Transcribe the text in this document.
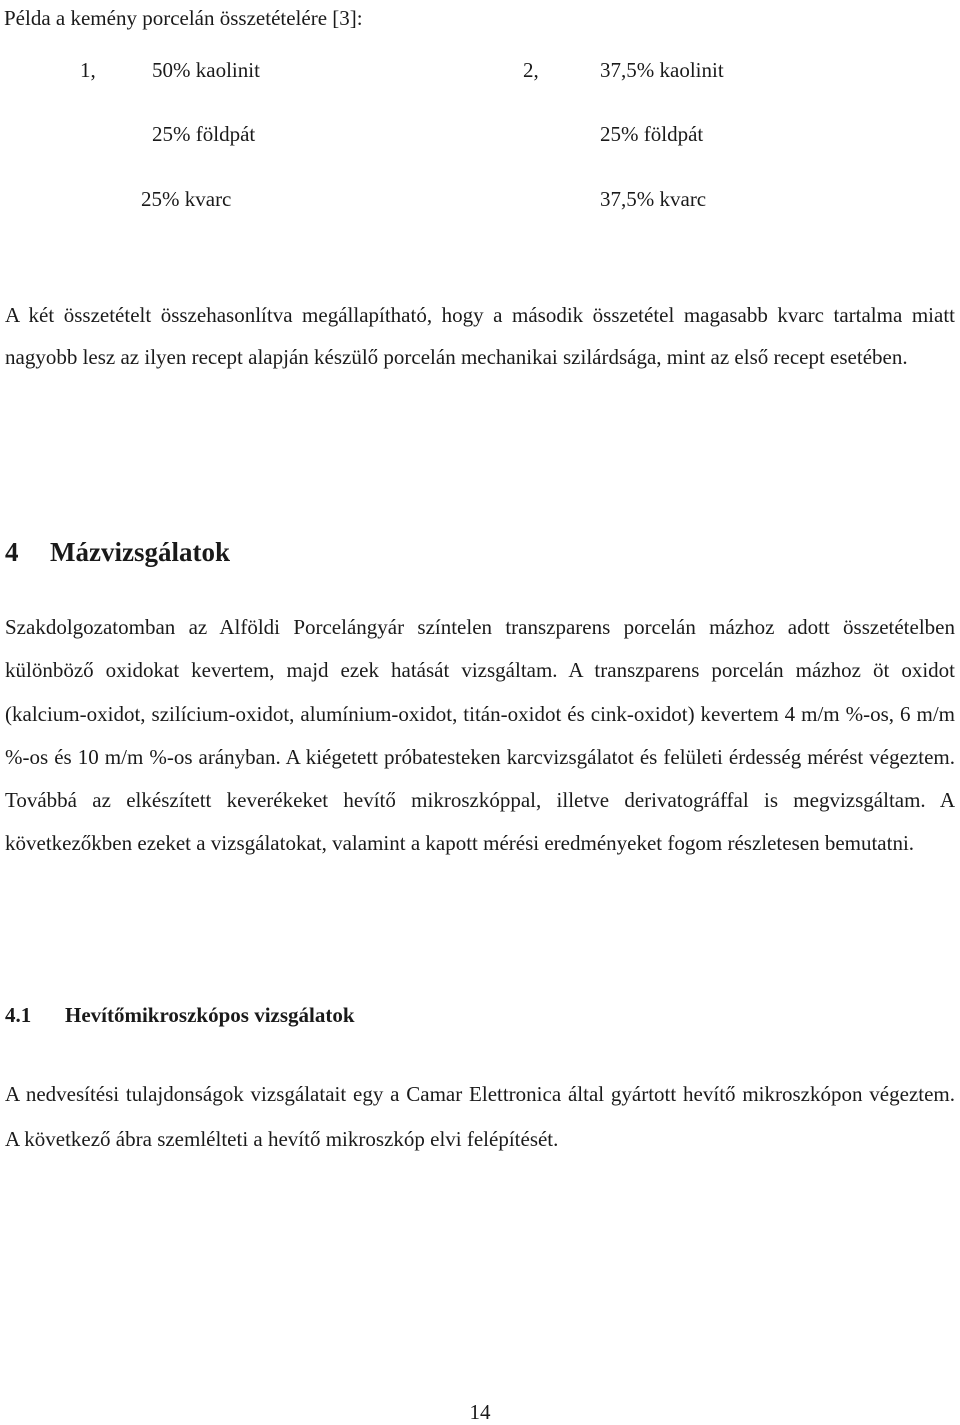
Példa a kemény porcelán összetételére [3]:
1,	50% kaolinit
25% földpát
25% kvarc
2,	37,5% kaolinit
25% földpát
37,5% kvarc

A két összetételt összehasonlítva megállapítható, hogy a második összetétel magasabb kvarc tartalma miatt nagyobb lesz az ilyen recept alapján készülő porcelán mechanikai szilárdsága, mint az első recept esetében.

4 Mázvizsgálatok

Szakdolgozatomban az Alföldi Porcelángyár színtelen transzparens porcelán mázhoz adott összetételben különböző oxidokat kevertem, majd ezek hatását vizsgáltam. A transzparens porcelán mázhoz öt oxidot (kalcium-oxidot, szilícium-oxidot, alumínium-oxidot, titán-oxidot és cink-oxidot) kevertem 4 m/m %-os, 6 m/m %-os és 10 m/m %-os arányban. A kiégetett próbatesteken karcvizsgálatot és felületi érdesség mérést végeztem. Továbbá az elkészített keverékeket hevítő mikroszkóppal, illetve derivatográffal is megvizsgáltam. A következőkben ezeket a vizsgálatokat, valamint a kapott mérési eredményeket fogom részletesen bemutatni.

4.1 Hevítőmikroszkópos vizsgálatok

A nedvesítési tulajdonságok vizsgálatait egy a Camar Elettronica által gyártott hevítő mikroszkópon végeztem. A következő ábra szemlélteti a hevítő mikroszkóp elvi felépítését.

14
